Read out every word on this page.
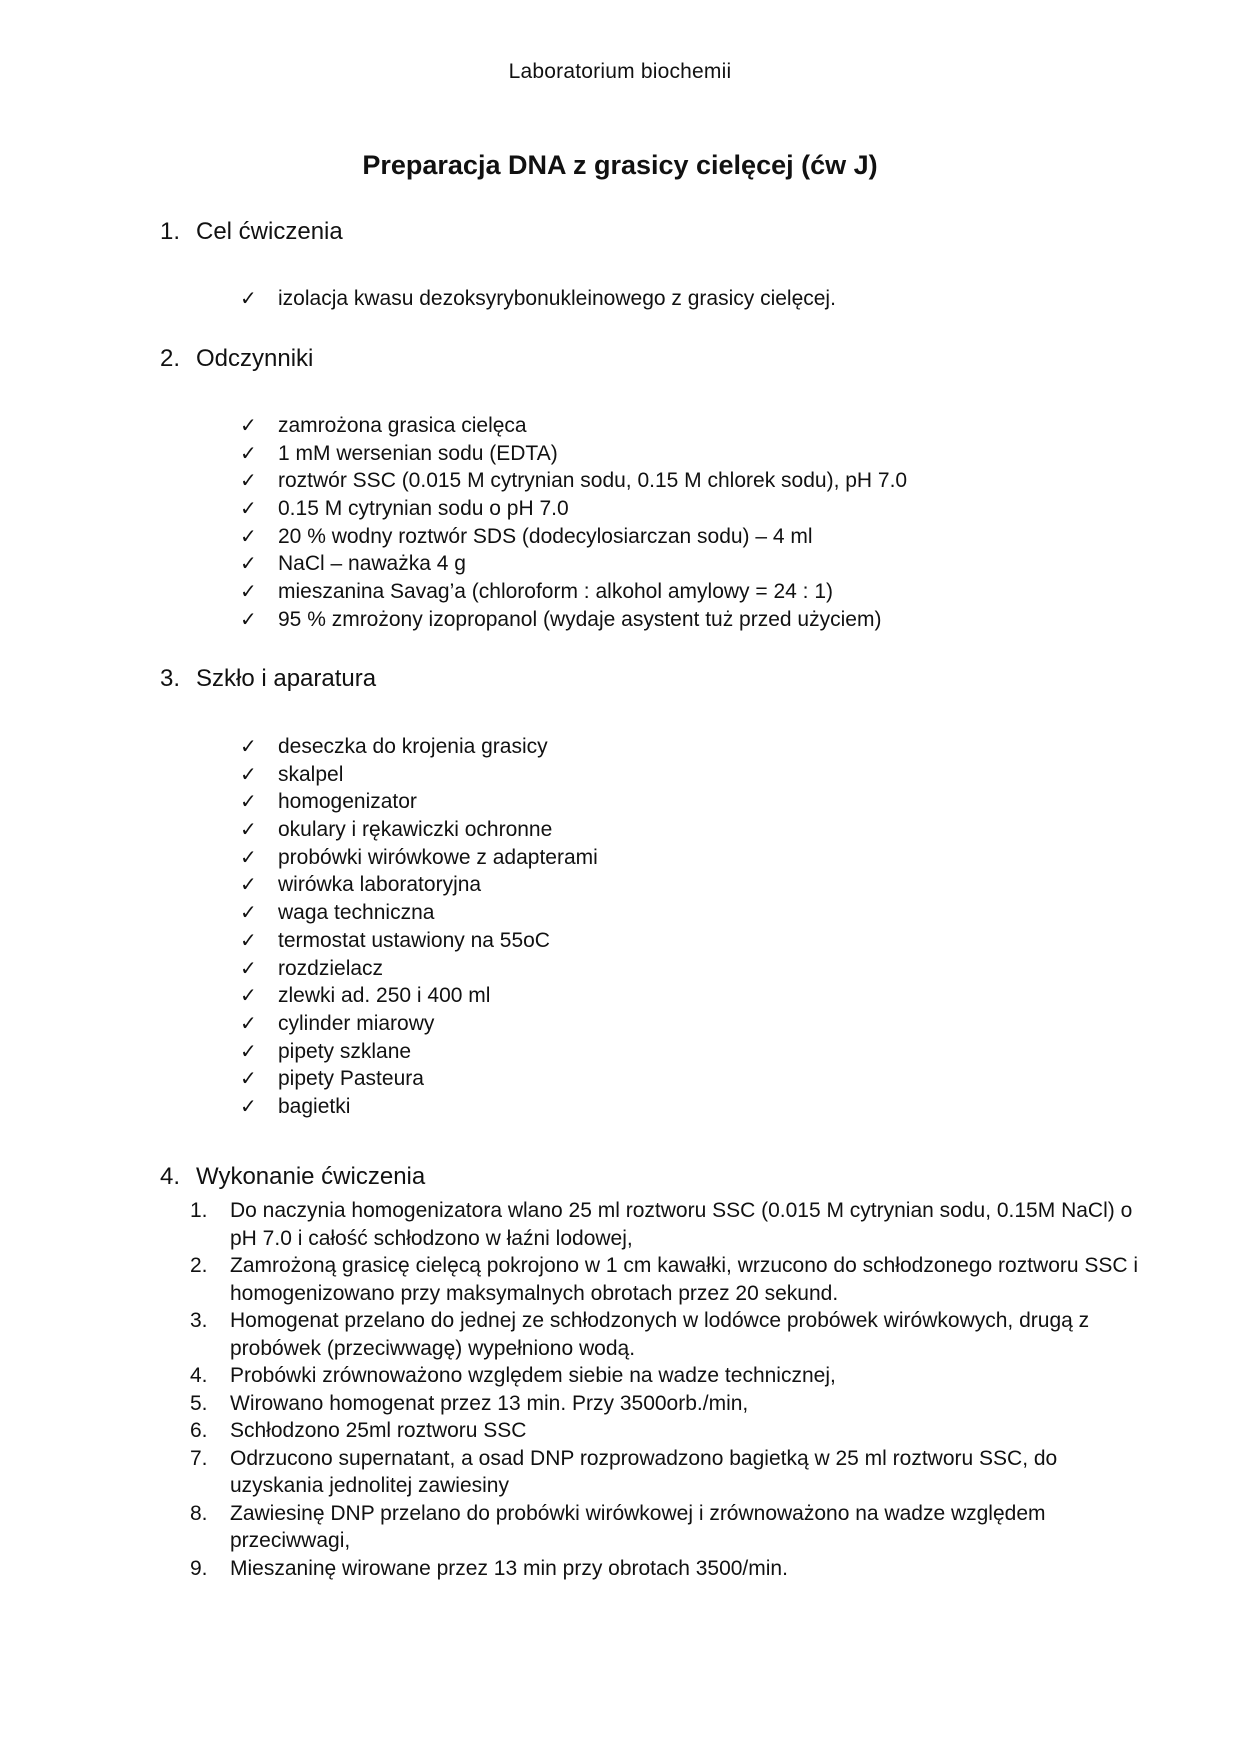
Laboratorium biochemii
Preparacja DNA z grasicy cielęcej (ćw J)
1. Cel ćwiczenia
✓ izolacja kwasu dezoksyrybonukleinowego z grasicy cielęcej.
2. Odczynniki
✓ zamrożona grasica cielęca
✓ 1 mM wersenian sodu (EDTA)
✓ roztwór SSC (0.015 M cytrynian sodu, 0.15 M chlorek sodu), pH 7.0
✓ 0.15 M cytrynian sodu o pH 7.0
✓ 20 % wodny roztwór SDS (dodecylosiarczan sodu) – 4 ml
✓ NaCl – naważka 4 g
✓ mieszanina Savag’a (chloroform : alkohol amylowy = 24 : 1)
✓ 95 % zmrożony izopropanol (wydaje asystent tuż przed użyciem)
3. Szkło i aparatura
✓ deseczka do krojenia grasicy
✓ skalpel
✓ homogenizator
✓ okulary i rękawiczki ochronne
✓ probówki wirówkowe z adapterami
✓ wirówka laboratoryjna
✓ waga techniczna
✓ termostat ustawiony na 55oC
✓ rozdzielacz
✓ zlewki ad. 250 i 400 ml
✓ cylinder miarowy
✓ pipety szklane
✓ pipety Pasteura
✓ bagietki
4. Wykonanie ćwiczenia
1.	Do naczynia homogenizatora wlano 25 ml roztworu SSC (0.015 M cytrynian sodu, 0.15M NaCl) o pH 7.0 i całość schłodzono w łaźni lodowej,
2.	Zamrożoną grasicę cielęcą pokrojono w 1 cm kawałki, wrzucono do schłodzonego roztworu SSC i homogenizowano przy maksymalnych obrotach przez 20 sekund.
3.	Homogenat przelano do jednej ze schłodzonych w lodówce probówek wirówkowych, drugą z probówek (przeciwwagę) wypełniono wodą.
4.	Probówki zrównoważono względem siebie na wadze technicznej,
5.	Wirowano homogenat przez 13 min. Przy 3500orb./min,
6.	Schłodzono 25ml roztworu SSC
7.	Odrzucono supernatant, a osad DNP rozprowadzono bagietką w 25 ml roztworu SSC, do uzyskania jednolitej zawiesiny
8.	Zawiesinę DNP przelano do probówki wirówkowej i zrównoważono na wadze względem przeciwwagi,
9.	Mieszaninę wirowane przez 13 min przy obrotach 3500/min.
